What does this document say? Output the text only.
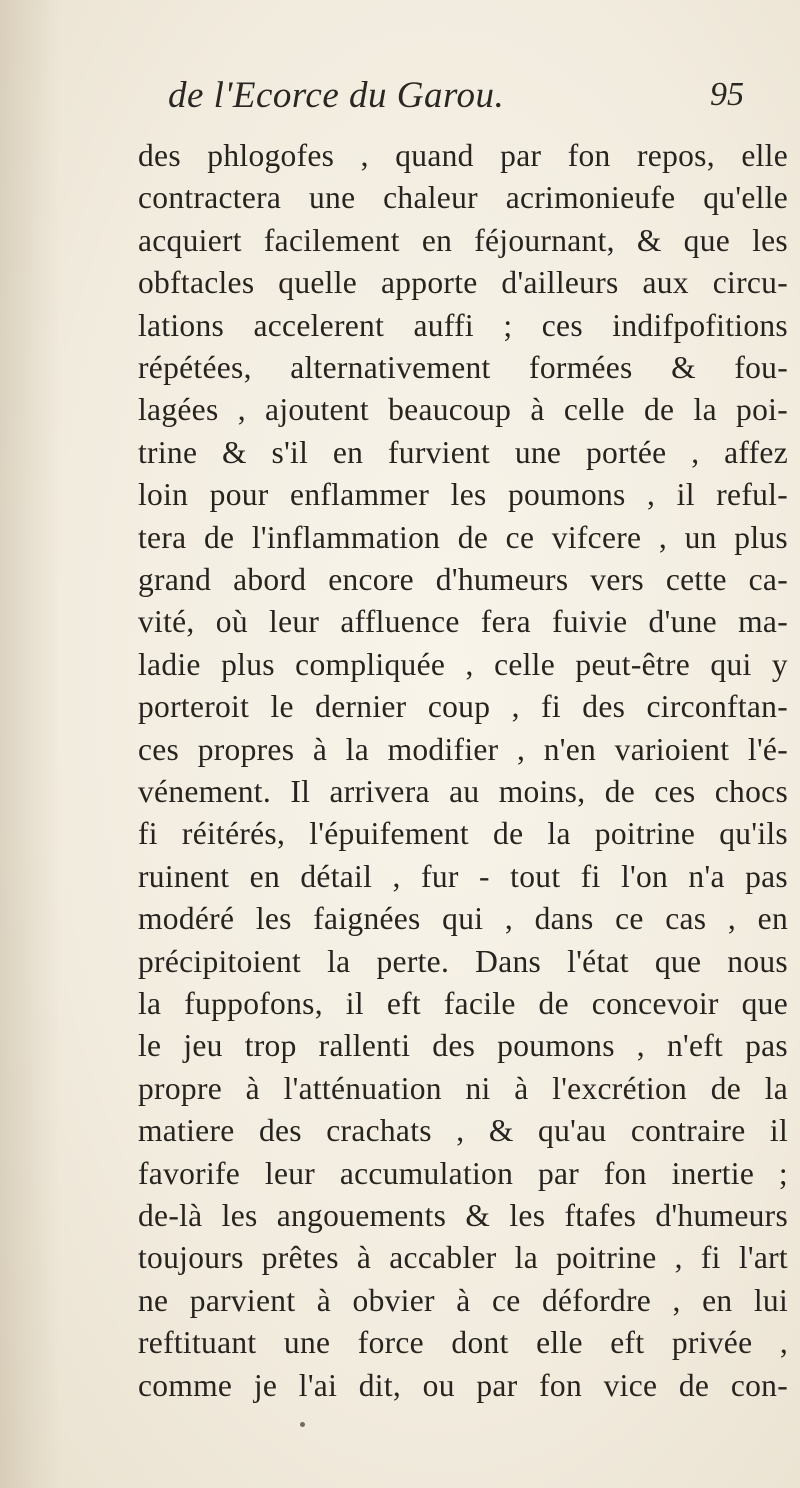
de l'Ecorce du Garou.	95
des phlogofes , quand par fon repos, elle
contractera une chaleur acrimonieufe qu'elle
acquiert facilement en féjournant, & que les
obftacles quelle apporte d'ailleurs aux circu-
lations accelerent auffi ; ces indifpofitions
répétées, alternativement formées & fou-
lagées , ajoutent beaucoup à celle de la poi-
trine & s'il en furvient une portée , affez
loin pour enflammer les poumons , il reful-
tera de l'inflammation de ce vifcere , un plus
grand abord encore d'humeurs vers cette ca-
vité, où leur affluence fera fuivie d'une ma-
ladie plus compliquée , celle peut-être qui y
porteroit le dernier coup , fi des circonftan-
ces propres à la modifier , n'en varioient l'é-
vénement. Il arrivera au moins, de ces chocs
fi réitérés, l'épuifement de la poitrine qu'ils
ruinent en détail , fur - tout fi l'on n'a pas
modéré les faignées qui , dans ce cas , en
précipitoient la perte. Dans l'état que nous
la fuppofons, il eft facile de concevoir que
le jeu trop rallenti des poumons , n'eft pas
propre à l'atténuation ni à l'excrétion de la
matiere des crachats , & qu'au contraire il
favorife leur accumulation par fon inertie ;
de-là les angouements & les ftafes d'humeurs
toujours prêtes à accabler la poitrine , fi l'art
ne parvient à obvier à ce défordre , en lui
reftituant une force dont elle eft privée ,
comme je l'ai dit, ou par fon vice de con-
